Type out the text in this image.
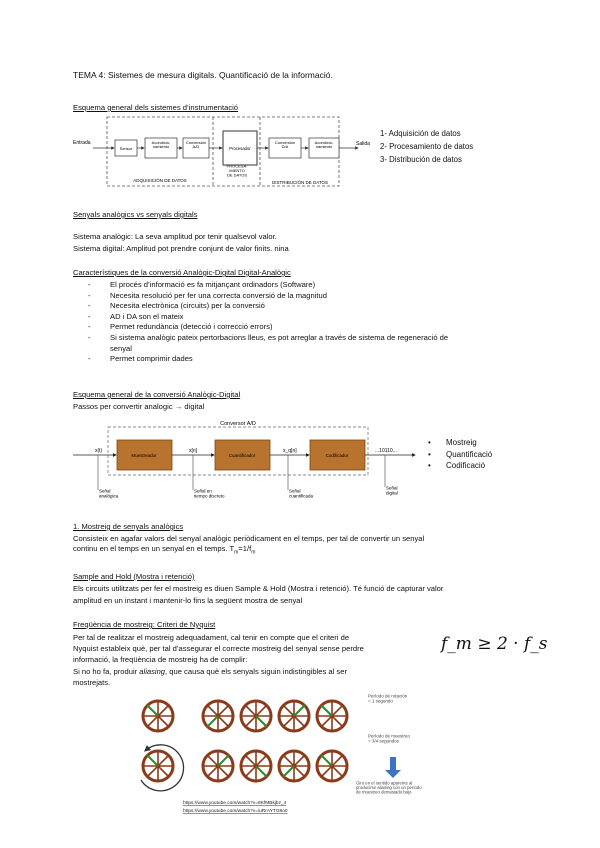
TEMA 4: Sistemes de mesura digitals. Quantificació de la informació.
Esquema general dels sistemes d’instrumentació
Entrada
Sensor
Acondicio-namiento
Conversión A/D	Procesador
Conversión D/A
Acondicio-namiento	Salida
ADQUISICIÓN DE DATOS
PROCESA-MIENTO DE DATOS
DISTRIBUCIÓN DE DATOS
1- Adquisición de datos
2- Procesamiento de datos
3- Distribución de datos
Senyals analògics vs senyals digitals
Sistema analògic: La seva amplitud por tenir qualsevol valor.
Sistema digital: Amplitud pot prendre conjunt de valor finits. nina
Característiques de la conversió Analògic-Digital Digital-Analògic
- El procés d’informació es fa mitjançant ordinadors (Software)
- Necesita resolució per fer una correcta conversió de la magnitud
- Necesita electrònica (circuits) per la conversió
- AD i DA son el mateix
- Permet redundància (detecció i correcció errors)
- Si sistema analògic pateix pertorbacions lleus, es pot arreglar a través de sistema de regeneració de
senyal
- Permet comprimir dades
Esquema general de la conversió Analògic-Digital
Passos per convertir analogic → digital
Conversor A/D
Muestreador	Cuantificador	Codificador
x(t)	x[n]	x_q[n]	...10110...
Señal analógica
Señal en tiempo discreto
Señal cuantificada
Señal digital
• Mostreig
• Quantificació
• Codificació
1. Mostreig de senyals analògics
Consisteix en agafar valors del senyal analògic periòdicament en el temps, per tal de convertir un senyal
continu en el temps en un senyal en el temps. $T_m=1/f_m$
Sample and Hold (Mostra i retenció)
Els circuits utilitzats per fer el mostreig es diuen Sample & Hold (Mostra i retenció). Té funció de capturar valor
amplitud en un instant i mantenir-lo fins la següent mostra de senyal
Freqüència de mostreig: Criteri de Nyquist
Per tal de realitzar el mostreig adequadament, cal tenir en compte que el criteri de
Nyquist estableix què, per tal d’assegurar el correcte mostreig del senyal sense perdre
informació, la freqüència de mostreig ha de complir:
Si no ho fa, produir aliasing, que causa què els senyals siguin indistingibles al ser
mostrejats.
f_m ≥ 2 · f_s
Período de rotación = 1 segundo
Período de muestreo = 3/4 segundos
Giro en el sentido aparente al producirse aliasing con un período de muestreo demasiado bajo
https://www.youtube.com/watch?v=8KfMBkjbz_4
https://www.youtube.com/watch?v=iuRrAYTG8o0
